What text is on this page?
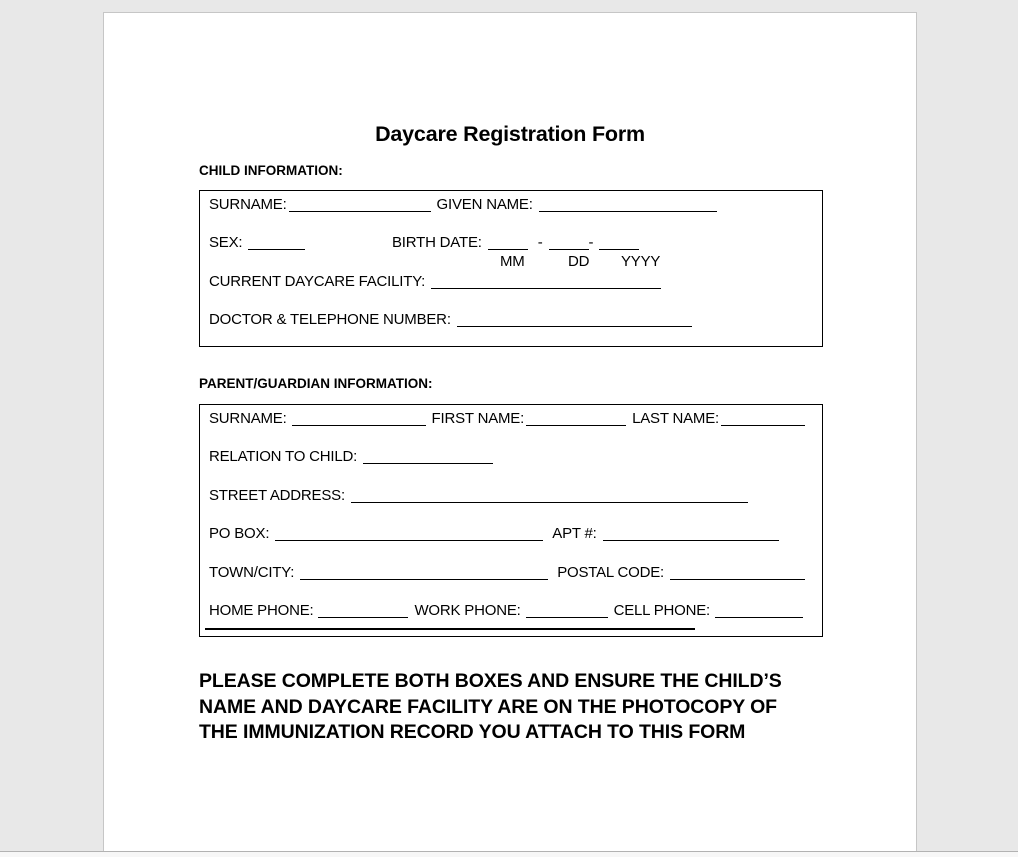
Daycare Registration Form
CHILD INFORMATION:
SURNAME:	GIVEN NAME:
SEX:	BIRTH DATE:	-	-
MM	DD YYYY
CURRENT DAYCARE FACILITY:
DOCTOR & TELEPHONE NUMBER:
PARENT/GUARDIAN INFORMATION:
SURNAME:	FIRST NAME:	LAST NAME:
RELATION TO CHILD:
STREET ADDRESS:
PO BOX:	APT #:
TOWN/CITY:	POSTAL CODE:
HOME PHONE:	WORK PHONE:	CELL PHONE:
PLEASE COMPLETE BOTH BOXES AND ENSURE THE CHILD’S
NAME AND DAYCARE FACILITY ARE ON THE PHOTOCOPY OF
THE IMMUNIZATION RECORD YOU ATTACH TO THIS FORM
